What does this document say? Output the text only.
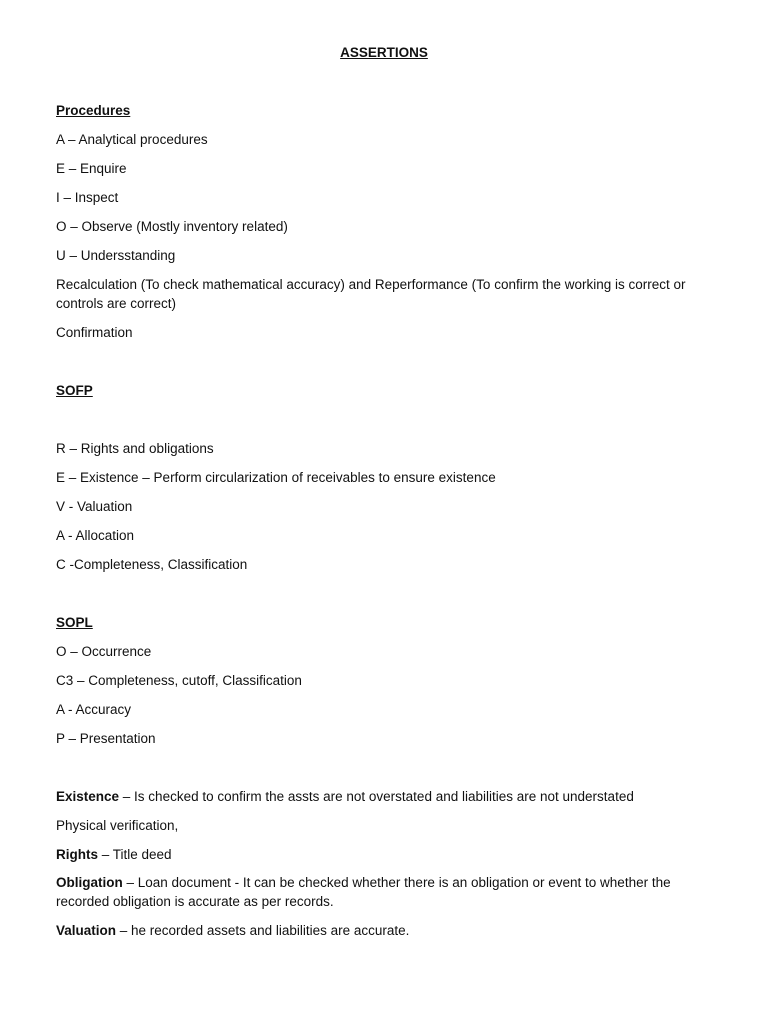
ASSERTIONS
Procedures
A – Analytical procedures
E – Enquire
I – Inspect
O – Observe (Mostly inventory related)
U – Undersstanding
Recalculation (To check mathematical accuracy) and Reperformance (To confirm the working is correct or controls are correct)
Confirmation
SOFP
R – Rights and obligations
E – Existence – Perform circularization of receivables to ensure existence
V - Valuation
A - Allocation
C -Completeness, Classification
SOPL
O – Occurrence
C3 – Completeness, cutoff, Classification
A - Accuracy
P – Presentation
Existence – Is checked to confirm the assts are not overstated and liabilities are not understated
Physical verification,
Rights – Title deed
Obligation – Loan document - It can be checked whether there is an obligation or event to whether the recorded obligation is accurate as per records.
Valuation – he recorded assets and liabilities are accurate.
